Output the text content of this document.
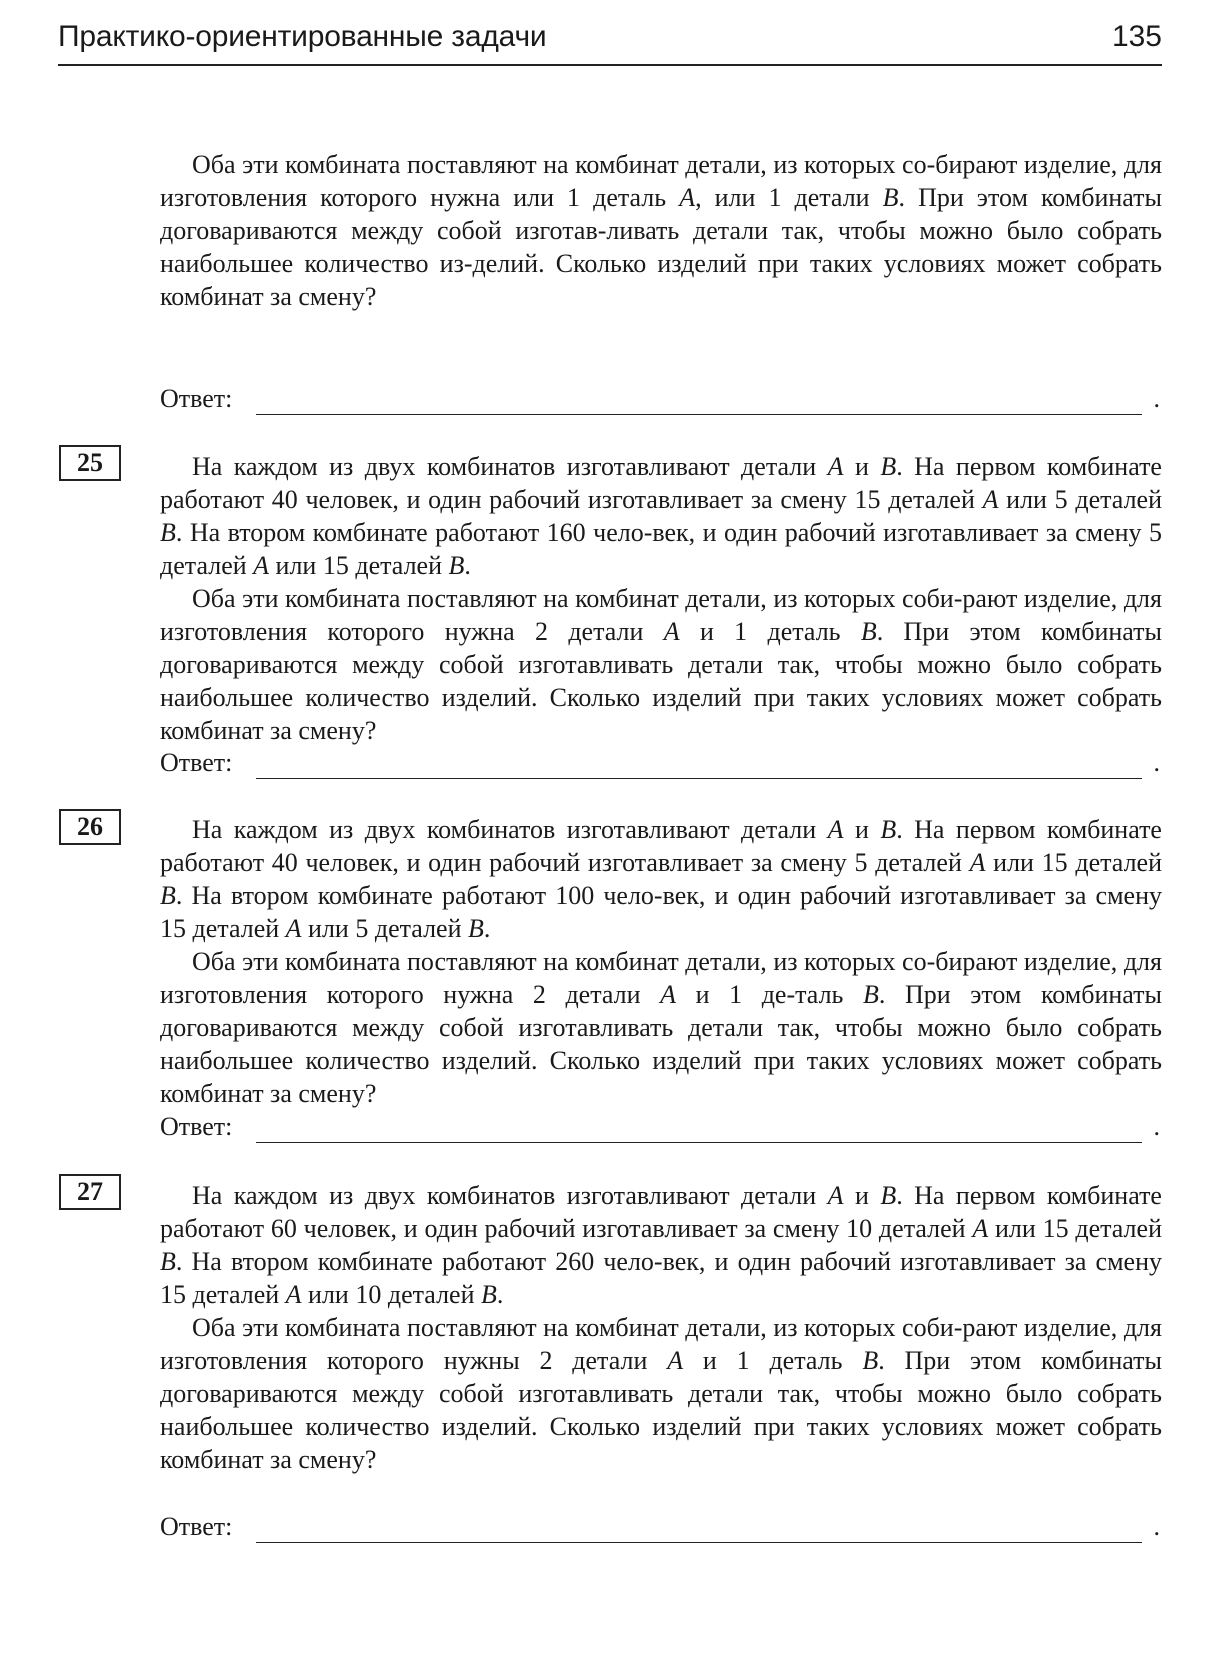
Практико-ориентированные задачи	135

Оба эти комбината поставляют на комбинат детали, из которых со-бирают изделие, для изготовления которого нужна или 1 деталь A, или 1 детали B. При этом комбинаты договариваются между собой изготав-ливать детали так, чтобы можно было собрать наибольшее количество из-делий. Сколько изделий при таких условиях может собрать комбинат за смену?

Ответ:	.
25	На каждом из двух комбинатов изготавливают детали A и B. На первом комбинате работают 40 человек, и один рабочий изготавливает за смену 15 деталей A или 5 деталей B. На втором комбинате работают 160 чело-век, и один рабочий изготавливает за смену 5 деталей A или 15 деталей B.

Оба эти комбината поставляют на комбинат детали, из которых соби-рают изделие, для изготовления которого нужна 2 детали A и 1 деталь B. При этом комбинаты договариваются между собой изготавливать детали так, чтобы можно было собрать наибольшее количество изделий. Сколько изделий при таких условиях может собрать комбинат за смену?

Ответ:	.
26	На каждом из двух комбинатов изготавливают детали A и B. На первом комбинате работают 40 человек, и один рабочий изготавливает за смену 5 деталей A или 15 деталей B. На втором комбинате работают 100 чело-век, и один рабочий изготавливает за смену 15 деталей A или 5 деталей B.

Оба эти комбината поставляют на комбинат детали, из которых со-бирают изделие, для изготовления которого нужна 2 детали A и 1 де-таль B. При этом комбинаты договариваются между собой изготавливать детали так, чтобы можно было собрать наибольшее количество изделий. Сколько изделий при таких условиях может собрать комбинат за смену?

Ответ:	.
27	На каждом из двух комбинатов изготавливают детали A и B. На первом комбинате работают 60 человек, и один рабочий изготавливает за смену 10 деталей A или 15 деталей B. На втором комбинате работают 260 чело-век, и один рабочий изготавливает за смену 15 деталей A или 10 деталей B.

Оба эти комбината поставляют на комбинат детали, из которых соби-рают изделие, для изготовления которого нужны 2 детали A и 1 деталь B. При этом комбинаты договариваются между собой изготавливать детали так, чтобы можно было собрать наибольшее количество изделий. Сколько изделий при таких условиях может собрать комбинат за смену?

Ответ:	.
